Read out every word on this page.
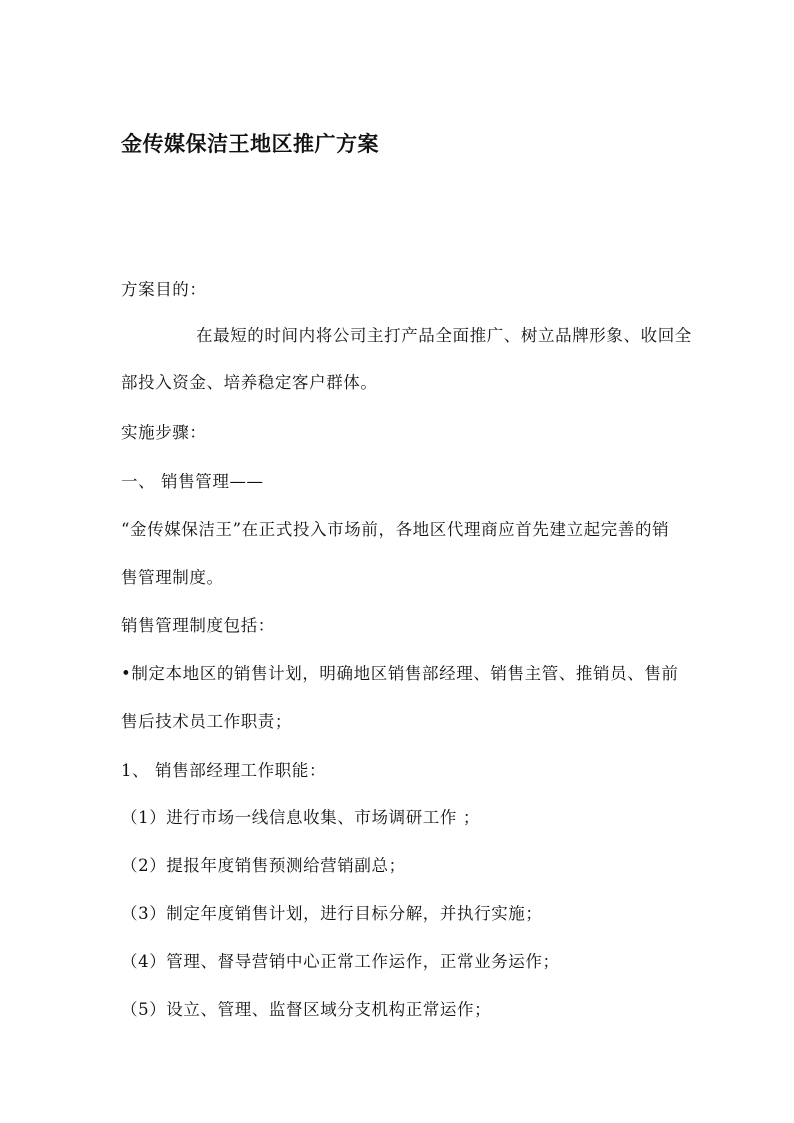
金传媒保洁王地区推广方案

方案目的：

在最短的时间内将公司主打产品全面推广、树立品牌形象、收回全

部投入资金、培养稳定客户群体。

实施步骤：

一、 销售管理——

“金传媒保洁王”在正式投入市场前，各地区代理商应首先建立起完善的销

售管理制度。

销售管理制度包括：

•制定本地区的销售计划，明确地区销售部经理、销售主管、推销员、售前

售后技术员工作职责；

1、 销售部经理工作职能：

（1）进行市场一线信息收集、市场调研工作 ；

（2）提报年度销售预测给营销副总；

（3）制定年度销售计划，进行目标分解，并执行实施；

（4）管理、督导营销中心正常工作运作，正常业务运作；

（5）设立、管理、监督区域分支机构正常运作；
